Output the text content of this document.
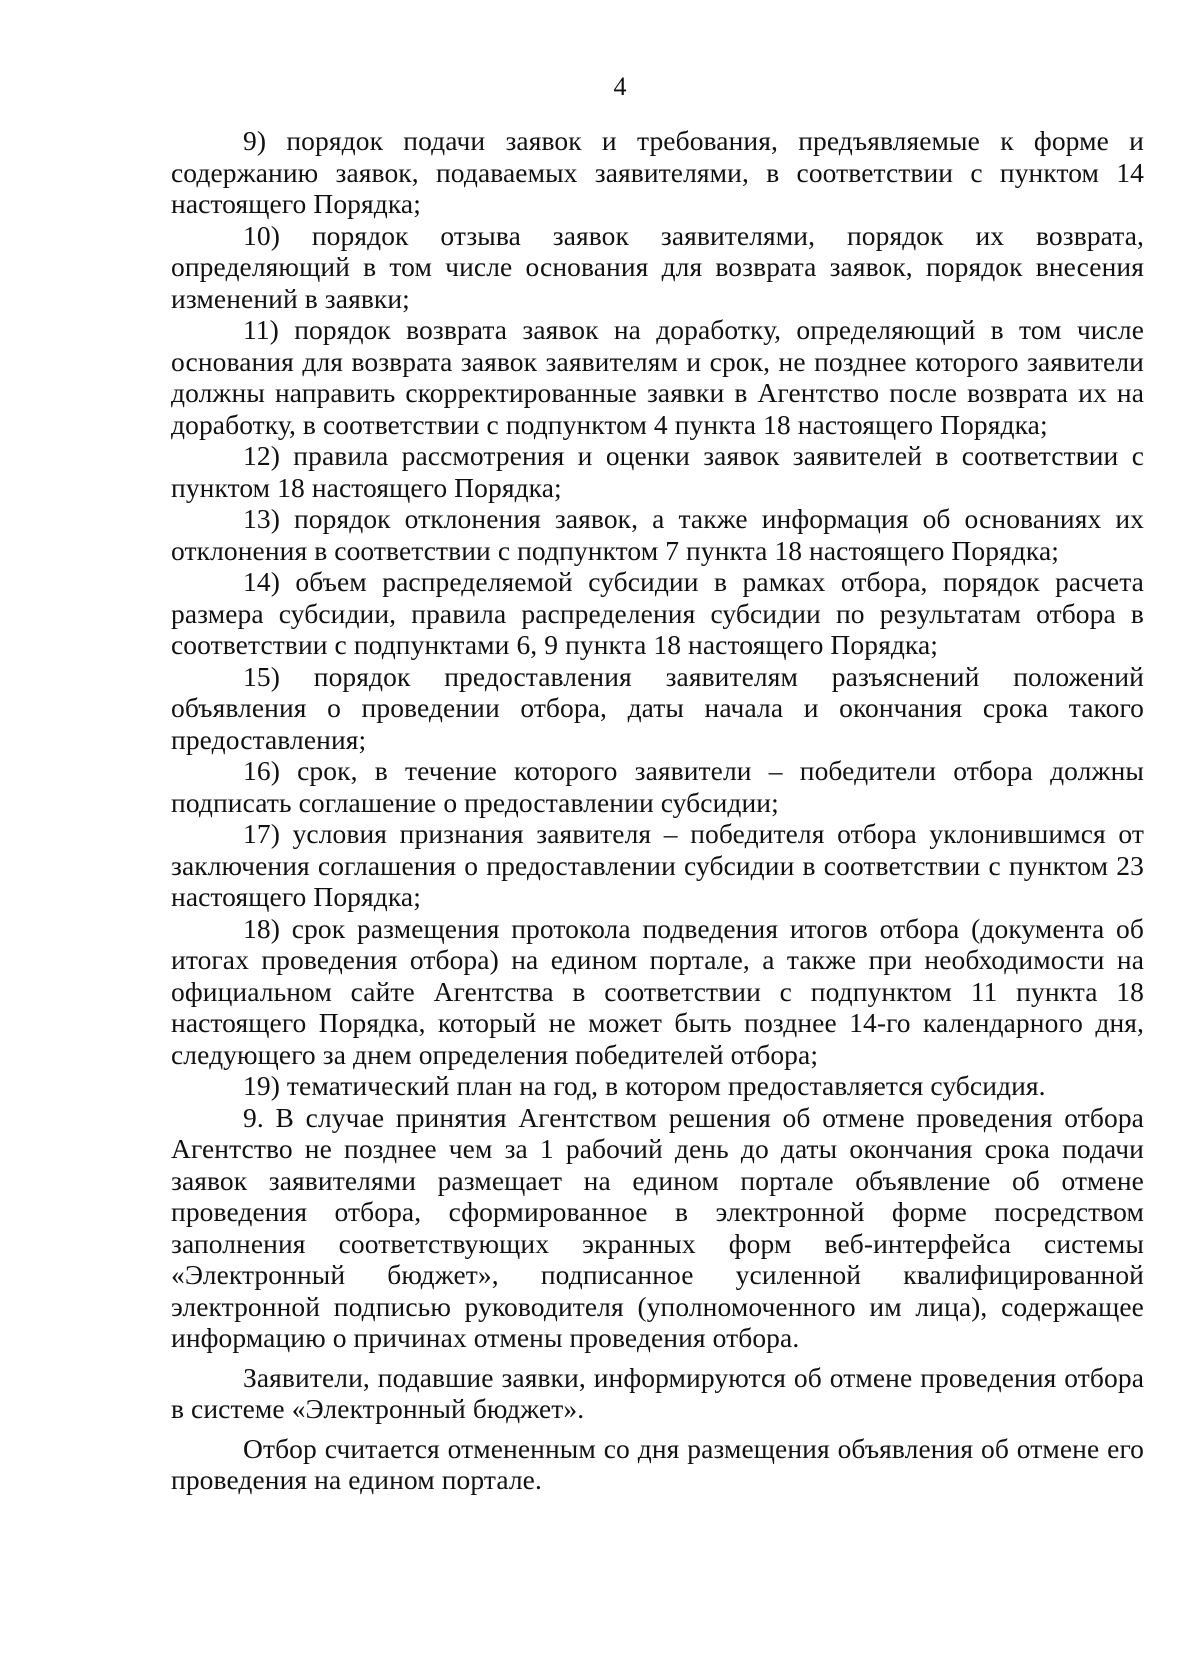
4

9) порядок подачи заявок и требования, предъявляемые к форме и содержанию заявок, подаваемых заявителями, в соответствии с пунктом 14 настоящего Порядка;

10) порядок отзыва заявок заявителями, порядок их возврата, определяющий в том числе основания для возврата заявок, порядок внесения изменений в заявки;

11) порядок возврата заявок на доработку, определяющий в том числе основания для возврата заявок заявителям и срок, не позднее которого заявители должны направить скорректированные заявки в Агентство после возврата их на доработку, в соответствии с подпунктом 4 пункта 18 настоящего Порядка;

12) правила рассмотрения и оценки заявок заявителей в соответствии с пунктом 18 настоящего Порядка;

13) порядок отклонения заявок, а также информация об основаниях их отклонения в соответствии с подпунктом 7 пункта 18 настоящего Порядка;

14) объем распределяемой субсидии в рамках отбора, порядок расчета размера субсидии, правила распределения субсидии по результатам отбора в соответствии с подпунктами 6, 9 пункта 18 настоящего Порядка;

15) порядок предоставления заявителям разъяснений положений объявления о проведении отбора, даты начала и окончания срока такого предоставления;

16) срок, в течение которого заявители – победители отбора должны подписать соглашение о предоставлении субсидии;

17) условия признания заявителя – победителя отбора уклонившимся от заключения соглашения о предоставлении субсидии в соответствии с пунктом 23 настоящего Порядка;

18) срок размещения протокола подведения итогов отбора (документа об итогах проведения отбора) на едином портале, а также при необходимости на официальном сайте Агентства в соответствии с подпунктом 11 пункта 18 настоящего Порядка, который не может быть позднее 14-го календарного дня, следующего за днем определения победителей отбора;

19) тематический план на год, в котором предоставляется субсидия.

9. В случае принятия Агентством решения об отмене проведения отбора Агентство не позднее чем за 1 рабочий день до даты окончания срока подачи заявок заявителями размещает на едином портале объявление об отмене проведения отбора, сформированное в электронной форме посредством заполнения соответствующих экранных форм веб-интерфейса системы «Электронный бюджет», подписанное усиленной квалифицированной электронной подписью руководителя (уполномоченного им лица), содержащее информацию о причинах отмены проведения отбора.

Заявители, подавшие заявки, информируются об отмене проведения отбора в системе «Электронный бюджет».

Отбор считается отмененным со дня размещения объявления об отмене его проведения на едином портале.
